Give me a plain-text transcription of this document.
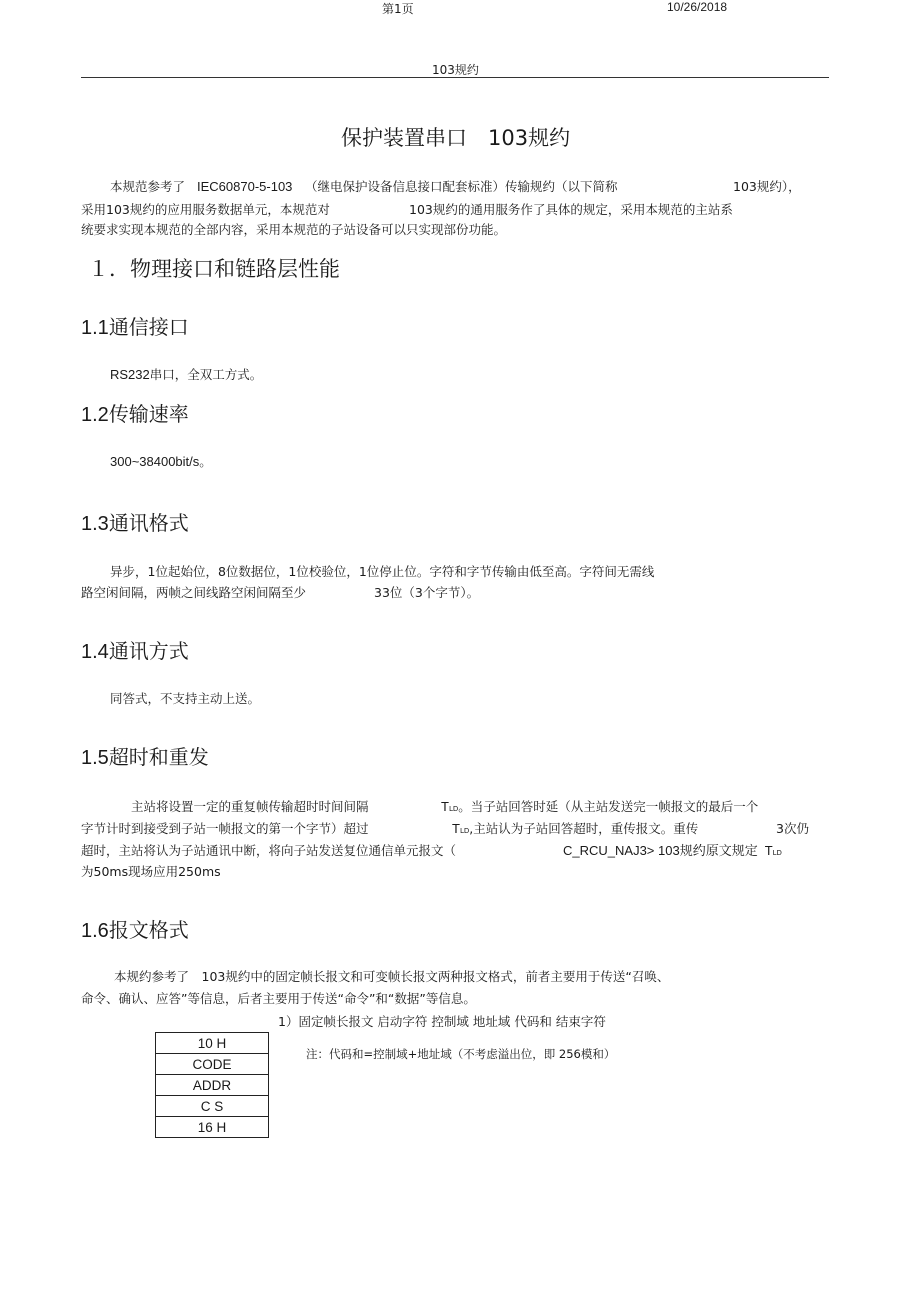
第1页	10/26/2018
103规约
保护装置串口　103规约
本规范参考了 IEC60870-5-103 （继电保护设备信息接口配套标准）传输规约（以下简称	103规约），
采用103规约的应用服务数据单元，本规范对	103规约的通用服务作了具体的规定，采用本规范的主站系
统要求实现本规范的全部内容，采用本规范的子站设备可以只实现部份功能。
１．物理接口和链路层性能
1.1通信接口
RS232串口，全双工方式。
1.2传输速率
300~38400bit/s。
1.3通讯格式
异步，1位起始位，8位数据位，1位校验位，1位停止位。字符和字节传输由低至高。字符间无需线
路空闲间隔，两帧之间线路空闲间隔至少	33位（3个字节）。
1.4通讯方式
同答式，不支持主动上送。
1.5超时和重发
主站将设置一定的重复帧传输超时时间间隔	TLD。当子站回答时延（从主站发送完一帧报文的最后一个
字节计时到接受到子站一帧报文的第一个字节）超过	TLD,主站认为子站回答超时，重传报文。重传	3次仍
超时，主站将认为子站通讯中断，将向子站发送复位通信单元报文（	C_RCU_NAJ3> 103规约原文规定 TLD
为50ms现场应用250ms
1.6报文格式
本规约参考了　103规约中的固定帧长报文和可变帧长报文两种报文格式，前者主要用于传送“召唤、
命令、确认、应答”等信息，后者主要用于传送“命令”和“数据”等信息。
1）固定帧长报文 启动字符 控制域 地址域 代码和 结束字符
10 H
CODE
ADDR
C S
16 H
注：代码和=控制域+地址域（不考虑溢出位，即 256模和）
